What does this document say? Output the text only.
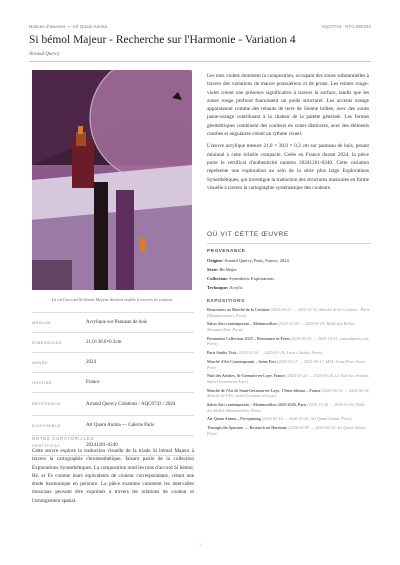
Notices d'œuvres — Art Quam Anima	AQC0743 · NTC-960340
Si bémol Majeur - Recherche sur l'Harmonie - Variation 4
Arnaud Quercy
Là où l'accord Si bémol Majeur devient visible à travers la couleur
MÉDIUM	Acrylique sur Panneau de bois
DIMENSIONS	21.0×30.0×0.3cm
ANNÉE	2024
ORIGINE	France
RÉFÉRENCE	Arnaud Quercy Créations / AQC0743 / 2024
DISPONIBLE	Art Quam Anima — Galerie Paris
CERTIFICAT	20241201-0240
NOTES CURATORIALES
Cette œuvre explore la traduction visuelle de la triade Si bémol Majeur à travers la cartographie chromesthétique, faisant partie de la collection Explorations Synesthétiques. La composition rend les tons d'accord Si bémol, Ré, et Fa comme leurs équivalents de couleur correspondants, créant une étude harmonique en peinture. La pièce examine comment les intervalles musicaux peuvent être exprimés à travers les relations de couleur et l'arrangement spatial.

Les tons violets dominent la composition, occupant des zones substantielles à travers des variations de mauve poussiéreux et de prune. Les teintes rouge-violet créent une présence significative à travers la surface, tandis que les zones rouge profond fournissent un poids structurel. Les accents orange apparaissent comme des rehauts de terre de Sienne brûlée, avec des zones jaune-orange contribuant à la chaleur de la palette générale. Les formes géométriques combinent des couleurs en zones distinctes, avec des éléments courbes et angulaires créant un rythme visuel.

L'œuvre acrylique mesure 21,0 × 30,0 × 0,3 cm sur panneau de bois, pesant minimal à cette échelle compacte. Créée en France durant 2024, la pièce porte le certificat d'authenticité numéro 20241201-0240. Cette variation représente une exploration au sein de la série plus large Explorations Synesthétiques, qui investigue la traduction des structures musicales en forme visuelle à travers la cartographie systématique des couleurs.

OÙ VIT CETTE ŒUVRE
PROVENANCE
Origine: Arnaud Quercy, Paris, France, 2024
Série: Bb Major
Collection: Synesthetic Explorations
Technique: Acrylic
EXPOSITIONS
Rencontres au Marché de la Création (2024-04-21 → 2024-12-31, Marché de la Création · Paris (Montparnasse), Paris)
Salon d'art contemporain – Montmorillon (2024-12-26 → 2025-01-05, Halle des Halles Montmorillon, Paris)
Permanent Collection 2025 – Resonance in Form (2025-01-01 → 2025-12-31, arnaudquercy.art, Paris)
Paris Studio Visit (2025-02-16 → 2025-03-14, Artist's Studio, Paris)
Marché d'Art Contemporain – Seine Port (2025-05-17 → 2025-05-17, MAC Seine-Port, Seine-Port)
Nuit des Artistes, St-Germain-en-Laye, France (2025-05-24 → 2025-05-24, La Nuit des Artistes, Saint-Germain-en-Laye)
Marché de l'Art de Saint-Germain-en-Laye, 17ème édition – France (2025-06-14 → 2025-06-14, Marché de l'Art, Saint-Germain-en-Laye)
Salon d'art contemporain – Montmorillon 2025-2026, Paris (2025-11-26 → 2026-01-04, Halle des Halles Montmorillon, Paris)
Art Quam Anima – Pre-opening (2026-01-16 → 2026-01-20, Art Quam Anima, Paris)
Through the Aperture — Research on Harmony (2026-02-09 → 2026-06-30, Art Quam Anima, Paris)
1
